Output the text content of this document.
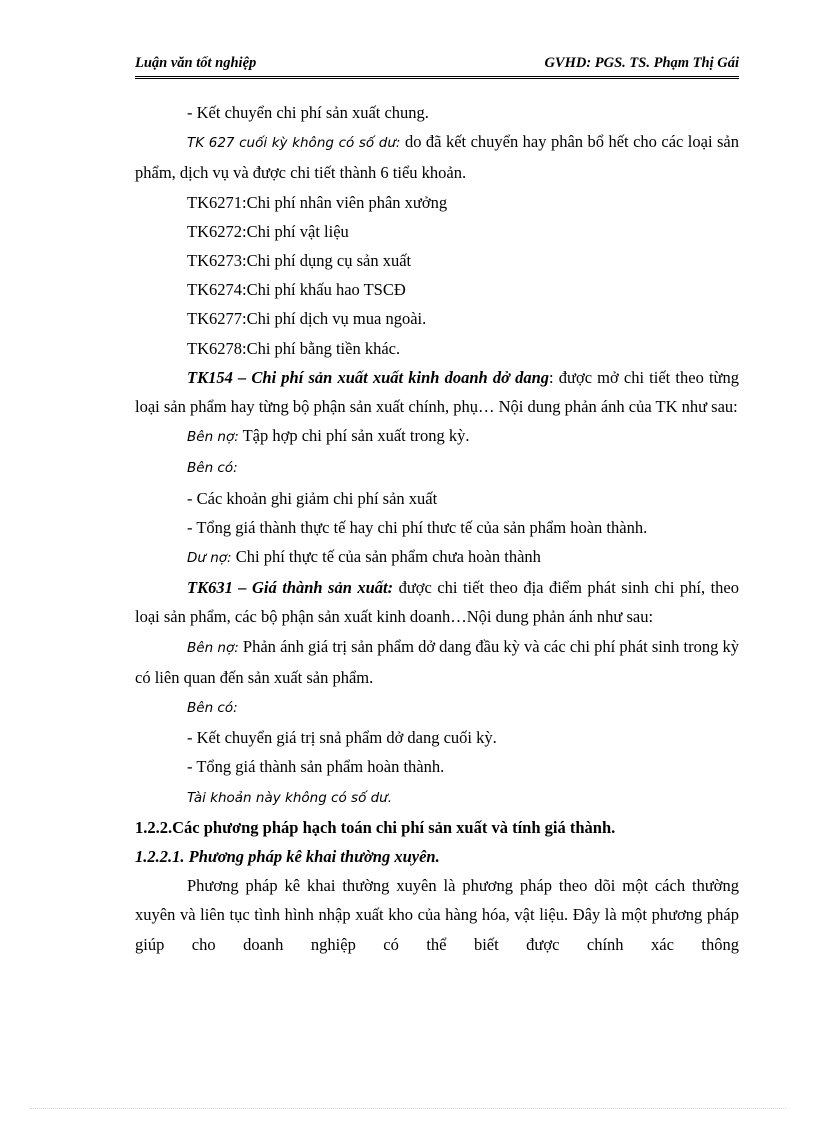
Luận văn tốt nghiệp	GVHD: PGS. TS. Phạm Thị Gái

- Kết chuyển chi phí sản xuất chung.

TK 627 cuối kỳ không có số dư: do đã kết chuyển hay phân bổ hết cho các loại sản phẩm, dịch vụ và được chi tiết thành 6 tiểu khoản.

TK6271:Chi phí nhân viên phân xưởng

TK6272:Chi phí vật liệu

TK6273:Chi phí dụng cụ sản xuất

TK6274:Chi phí khấu hao TSCĐ

TK6277:Chi phí dịch vụ mua ngoài.

TK6278:Chi phí bằng tiền khác.

TK154 – Chi phí sản xuất xuất kinh doanh dở dang: được mở chi tiết theo từng loại sản phẩm hay từng bộ phận sản xuất chính, phụ… Nội dung phản ánh của TK như sau:

Bên nợ: Tập hợp chi phí sản xuất trong kỳ.

Bên có:

- Các khoản ghi giảm chi phí sản xuất

- Tổng giá thành thực tế hay chi phí thưc tế của sản phẩm hoàn thành.

Dư nợ: Chi phí thực tế của sản phẩm chưa hoàn thành

TK631 – Giá thành sản xuất: được chi tiết theo địa điểm phát sinh chi phí, theo loại sản phẩm, các bộ phận sản xuất kinh doanh…Nội dung phản ánh như sau:

Bên nợ: Phản ánh giá trị sản phẩm dở dang đầu kỳ và các chi phí phát sinh trong kỳ có liên quan đến sản xuất sản phẩm.

Bên có:

- Kết chuyển giá trị snả phẩm dở dang cuối kỳ.

- Tổng giá thành sản phẩm hoàn thành.

Tài khoản này không có số dư.

1.2.2.Các phương pháp hạch toán chi phí sản xuất và tính giá thành.

1.2.2.1. Phương pháp kê khai thường xuyên.

Phương pháp kê khai thường xuyên là phương pháp theo dõi một cách thường xuyên và liên tục tình hình nhập xuất kho của hàng hóa, vật liệu. Đây là một phương pháp giúp cho doanh nghiệp có thể biết được chính xác thông
